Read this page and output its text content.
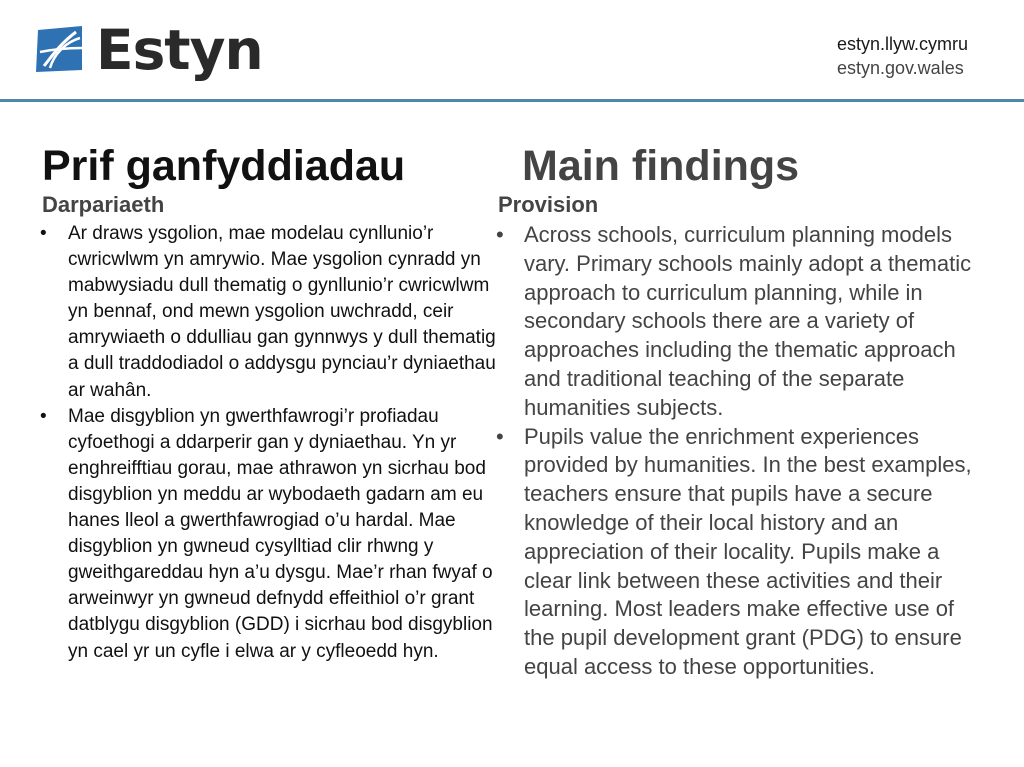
Estyn	estyn.llyw.cymru
estyn.gov.wales
Prif ganfyddiadau	Main findings
Darpariaeth	Provision
• Ar draws ysgolion, mae modelau cynllunio’r cwricwlwm yn amrywio. Mae ysgolion cynradd yn mabwysiadu dull thematig o gynllunio’r cwricwlwm yn bennaf, ond mewn ysgolion uwchradd, ceir amrywiaeth o ddulliau gan gynnwys y dull thematig a dull traddodiadol o addysgu pynciau’r dyniaethau ar wahân.
• Mae disgyblion yn gwerthfawrogi’r profiadau cyfoethogi a ddarperir gan y dyniaethau. Yn yr enghreifftiau gorau, mae athrawon yn sicrhau bod disgyblion yn meddu ar wybodaeth gadarn am eu hanes lleol a gwerthfawrogiad o’u hardal. Mae disgyblion yn gwneud cysylltiad clir rhwng y gweithgareddau hyn a’u dysgu. Mae’r rhan fwyaf o arweinwyr yn gwneud defnydd effeithiol o’r grant datblygu disgyblion (GDD) i sicrhau bod disgyblion yn cael yr un cyfle i elwa ar y cyfleoedd hyn.
• Across schools, curriculum planning models vary. Primary schools mainly adopt a thematic approach to curriculum planning, while in secondary schools there are a variety of approaches including the thematic approach and traditional teaching of the separate humanities subjects.
• Pupils value the enrichment experiences provided by humanities. In the best examples, teachers ensure that pupils have a secure knowledge of their local history and an appreciation of their locality. Pupils make a clear link between these activities and their learning. Most leaders make effective use of the pupil development grant (PDG) to ensure equal access to these opportunities.
